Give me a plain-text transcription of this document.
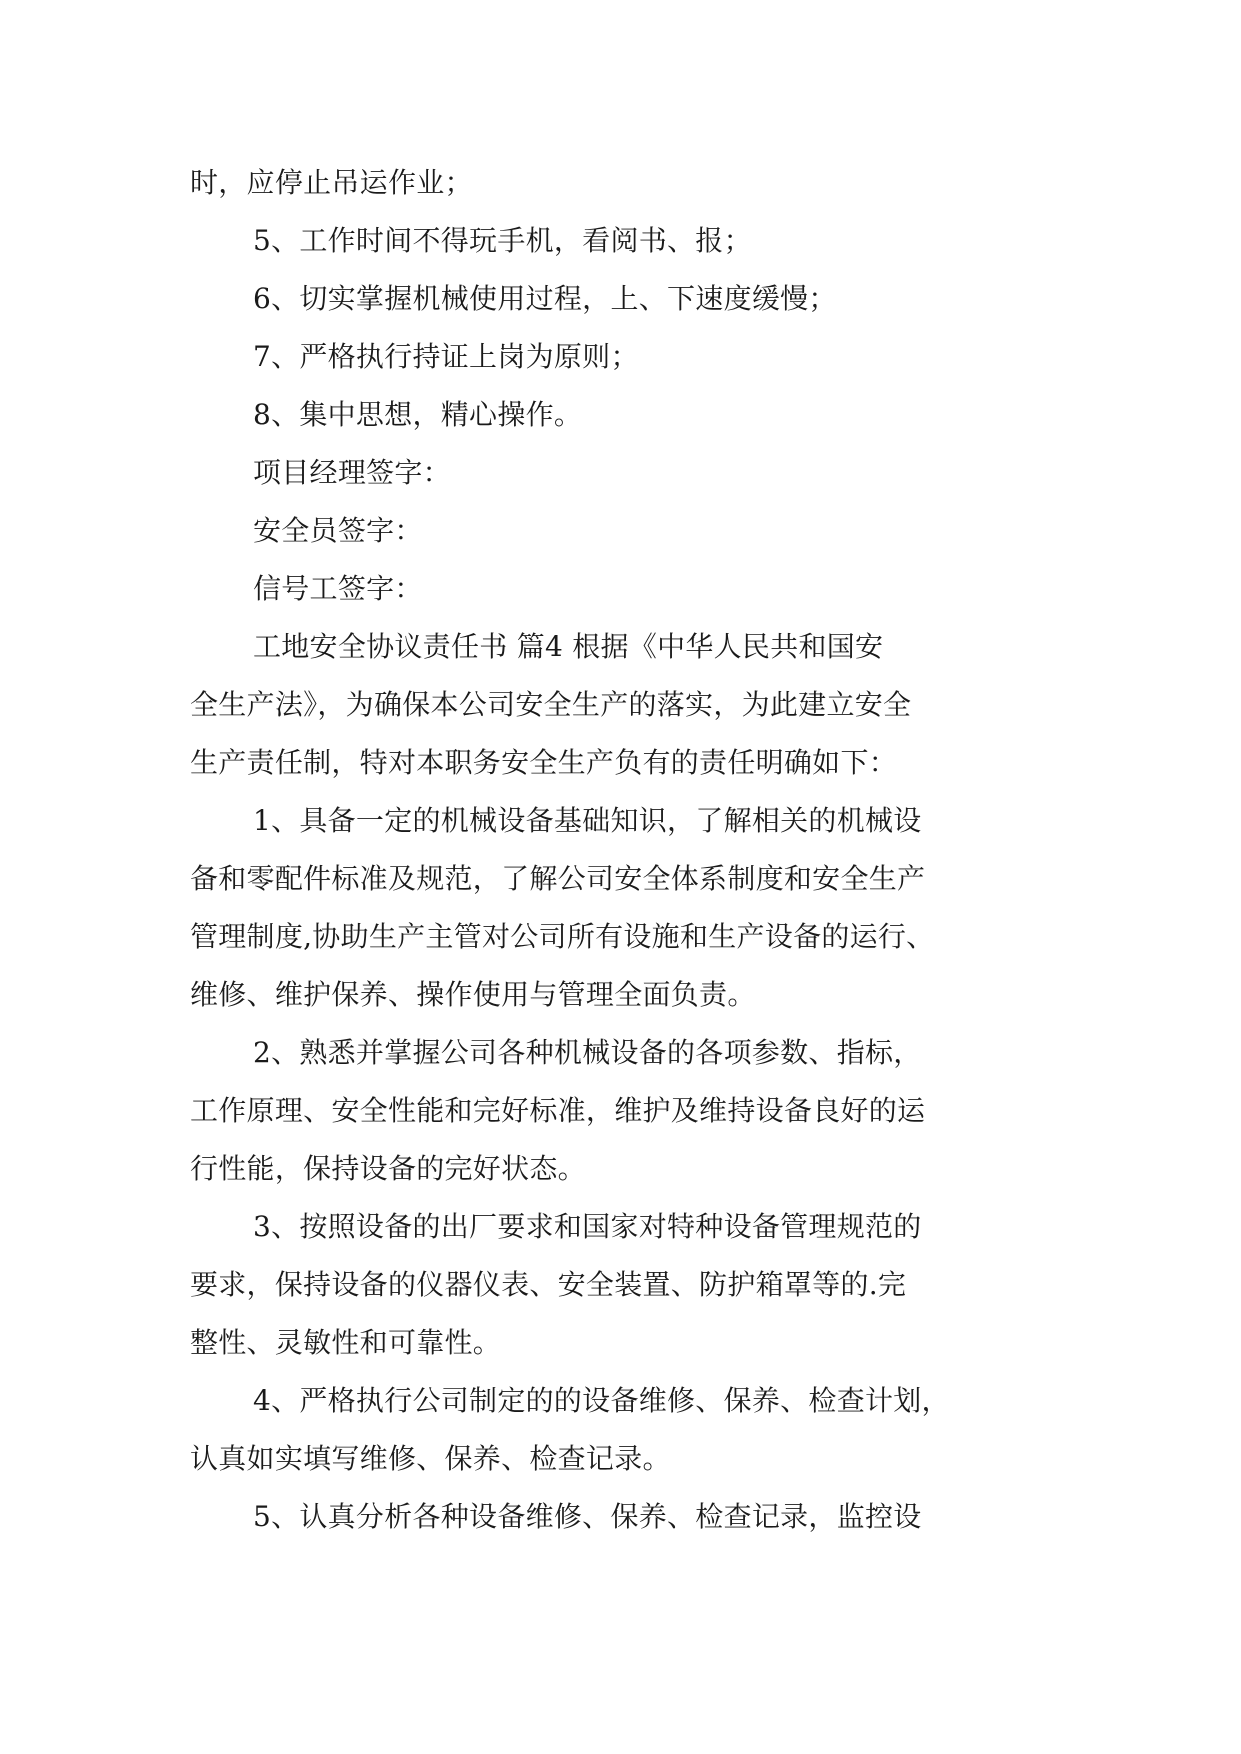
时，应停止吊运作业；
5、工作时间不得玩手机，看阅书、报；
6、切实掌握机械使用过程，上、下速度缓慢；
7、严格执行持证上岗为原则；
8、集中思想，精心操作。
项目经理签字：
安全员签字：
信号工签字：
工地安全协议责任书 篇4 根据《中华人民共和国安
全生产法》，为确保本公司安全生产的落实，为此建立安全
生产责任制，特对本职务安全生产负有的责任明确如下：
1、具备一定的机械设备基础知识，了解相关的机械设
备和零配件标准及规范，了解公司安全体系制度和安全生产
管理制度,协助生产主管对公司所有设施和生产设备的运行、
维修、维护保养、操作使用与管理全面负责。
2、熟悉并掌握公司各种机械设备的各项参数、指标，
工作原理、安全性能和完好标准，维护及维持设备良好的运
行性能，保持设备的完好状态。
3、按照设备的出厂要求和国家对特种设备管理规范的
要求，保持设备的仪器仪表、安全装置、防护箱罩等的.完
整性、灵敏性和可靠性。
4、严格执行公司制定的的设备维修、保养、检查计划，
认真如实填写维修、保养、检查记录。
5、认真分析各种设备维修、保养、检查记录，监控设
